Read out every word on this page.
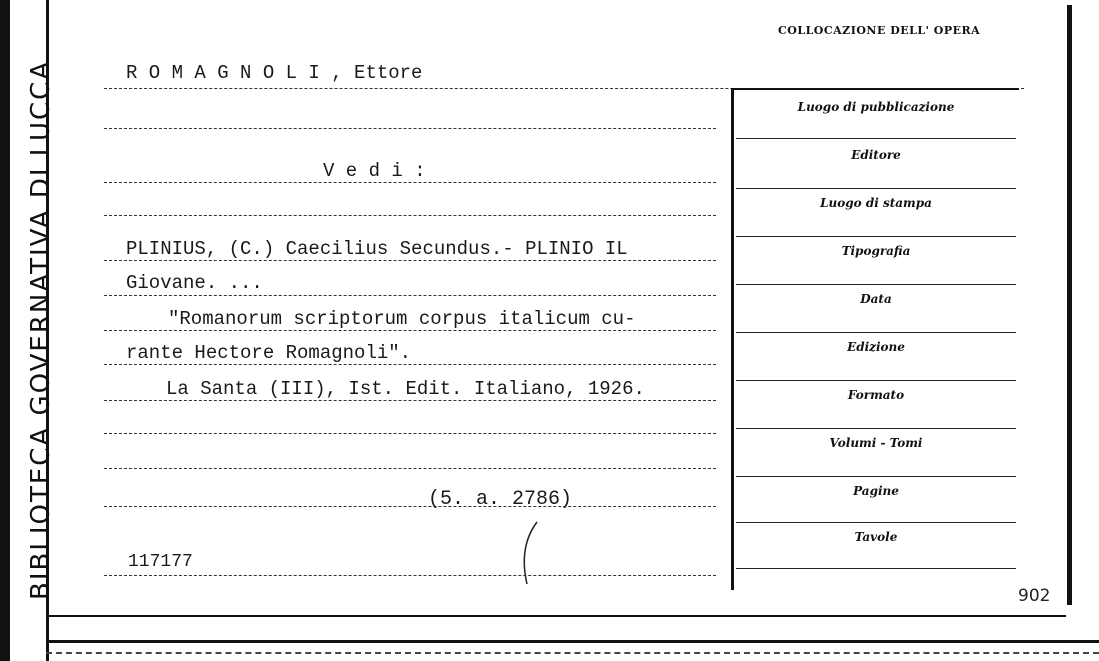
BIBLIOTECA GOVERNATIVA DI LUCCA
COLLOCAZIONE DELL' OPERA
R O M A G N O L I , Ettore
V e d i :
PLINIUS, (C.) Caecilius Secundus.- PLINIO IL
Giovane. ...
"Romanorum scriptorum corpus italicum cu-
rante Hectore Romagnoli".
La Santa (III), Ist. Edit. Italiano, 1926.
(5. a. 2786)
117177
Luogo di pubblicazione
Editore
Luogo di stampa
Tipografia
Data
Edizione
Formato
Volumi - Tomi
Pagine
Tavole
902
